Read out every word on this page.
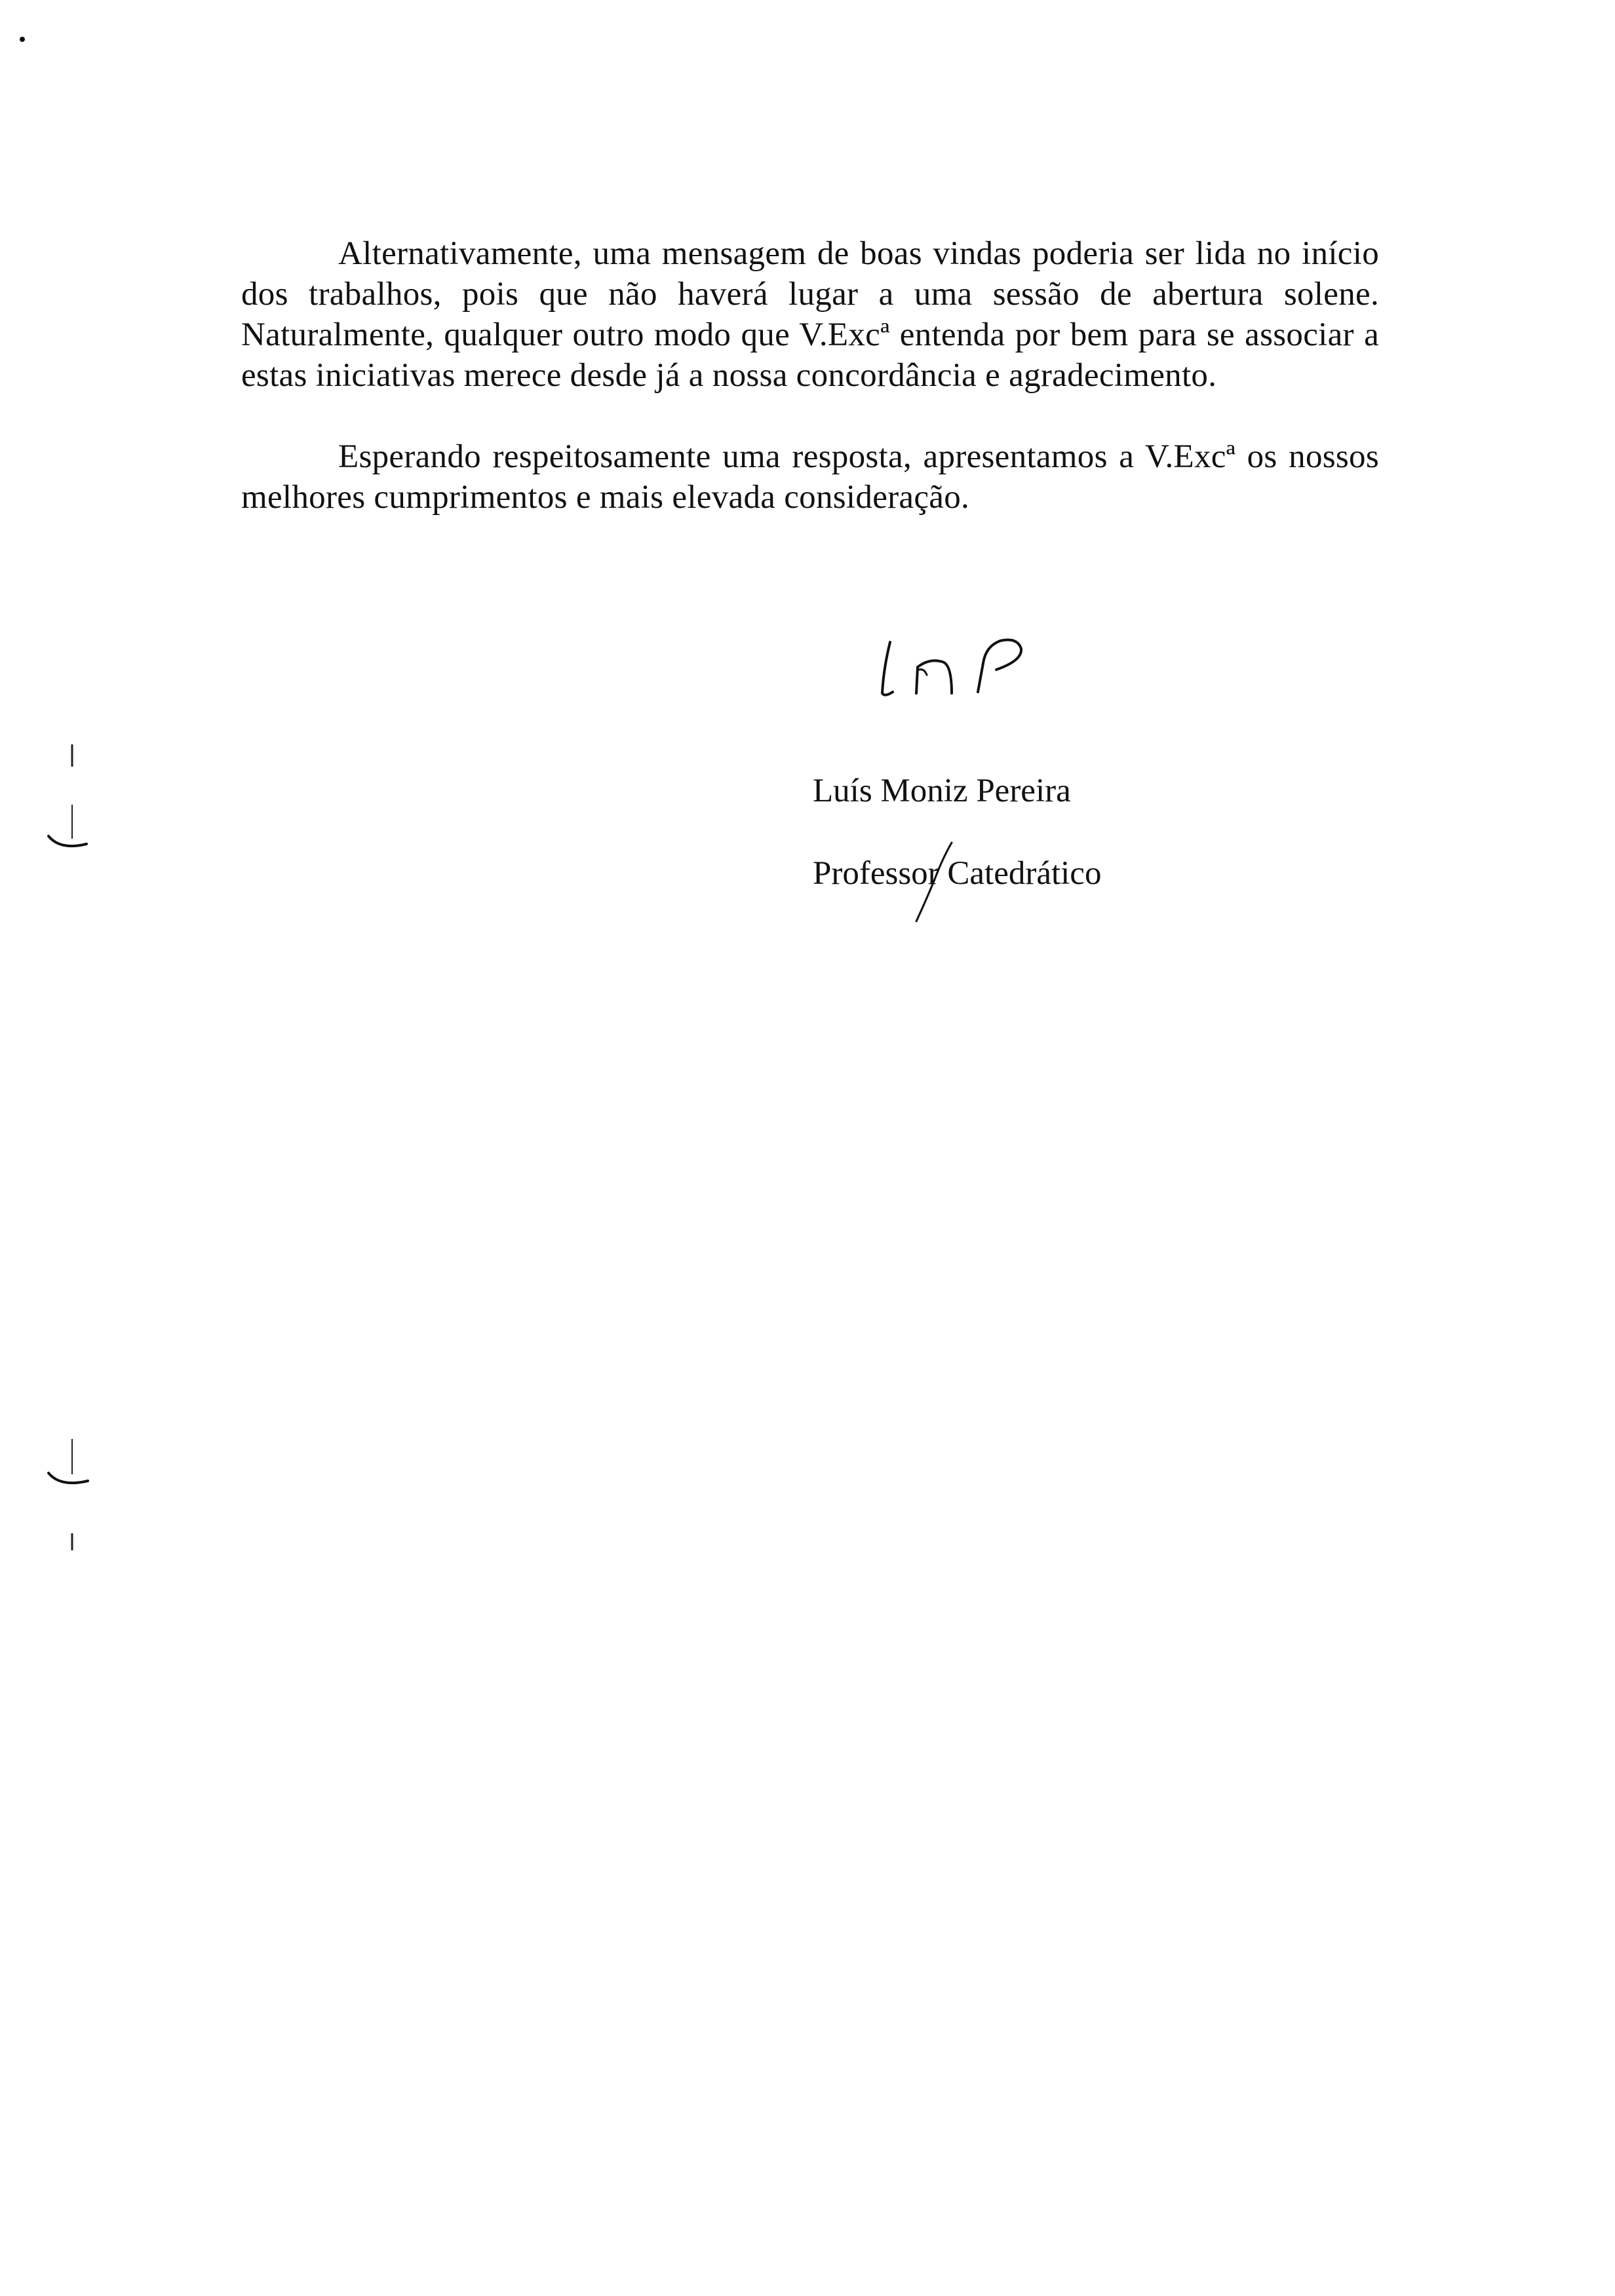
Alternativamente, uma mensagem de boas vindas poderia ser lida no início dos trabalhos, pois que não haverá lugar a uma sessão de abertura solene. Naturalmente, qualquer outro modo que V.Excª entenda por bem para se associar a estas iniciativas merece desde já a nossa concordância e agradecimento.

Esperando respeitosamente uma resposta, apresentamos a V.Excª os nossos melhores cumprimentos e mais elevada consideração.

Luís Moniz Pereira
Professor Catedrático
